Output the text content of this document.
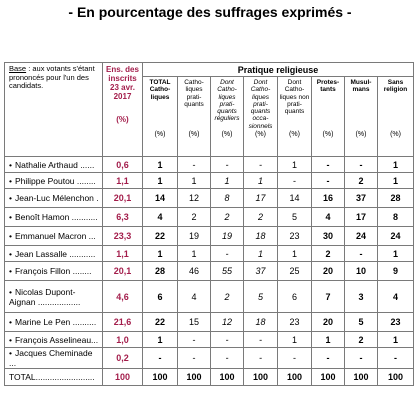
- En pourcentage des suffrages exprimés -
Base : aux votants s'étant prononcés pour l'un des candidats.	Ens. des inscrits 23 avr. 2017
(%)	Pratique religieuse							

		TOTAL Catho-liques
(%)	Catho-liques prati-quants
(%)	Dont Catho-liques prati-quants réguliers
(%)	Dont Catho-liques prati-quants occa-sionnels
(%)	Dont Catho-liques non prati-quants
(%)	Protes-tants
(%)	Musul-mans
(%)	Sans religion
(%)

• Nathalie Arthaud ......	0,6	1	-	-	-	1	-	-	1
• Philippe Poutou ........	1,1	1	1	1	1	-	-	2	1
• Jean-Luc Mélenchon .	20,1	14	12	8	17	14	16	37	28
• Benoît Hamon ...........	6,3	4	2	2	2	5	4	17	8
• Emmanuel Macron ...	23,3	22	19	19	18	23	30	24	24
• Jean Lassalle ...........	1,1	1	1	-	1	1	2	-	1
• François Fillon ........	20,1	28	46	55	37	25	20	10	9
• Nicolas Dupont-Aignan ..................	4,6	6	4	2	5	6	7	3	4
• Marine Le Pen ..........	21,6	22	15	12	18	23	20	5	23
• François Asselineau...	1,0	1	-	-	-	1	1	2	1
• Jacques Cheminade ...	0,2	-	-	-	-	-	-	-	-
TOTAL.........................	100	100	100	100	100	100	100	100	100
